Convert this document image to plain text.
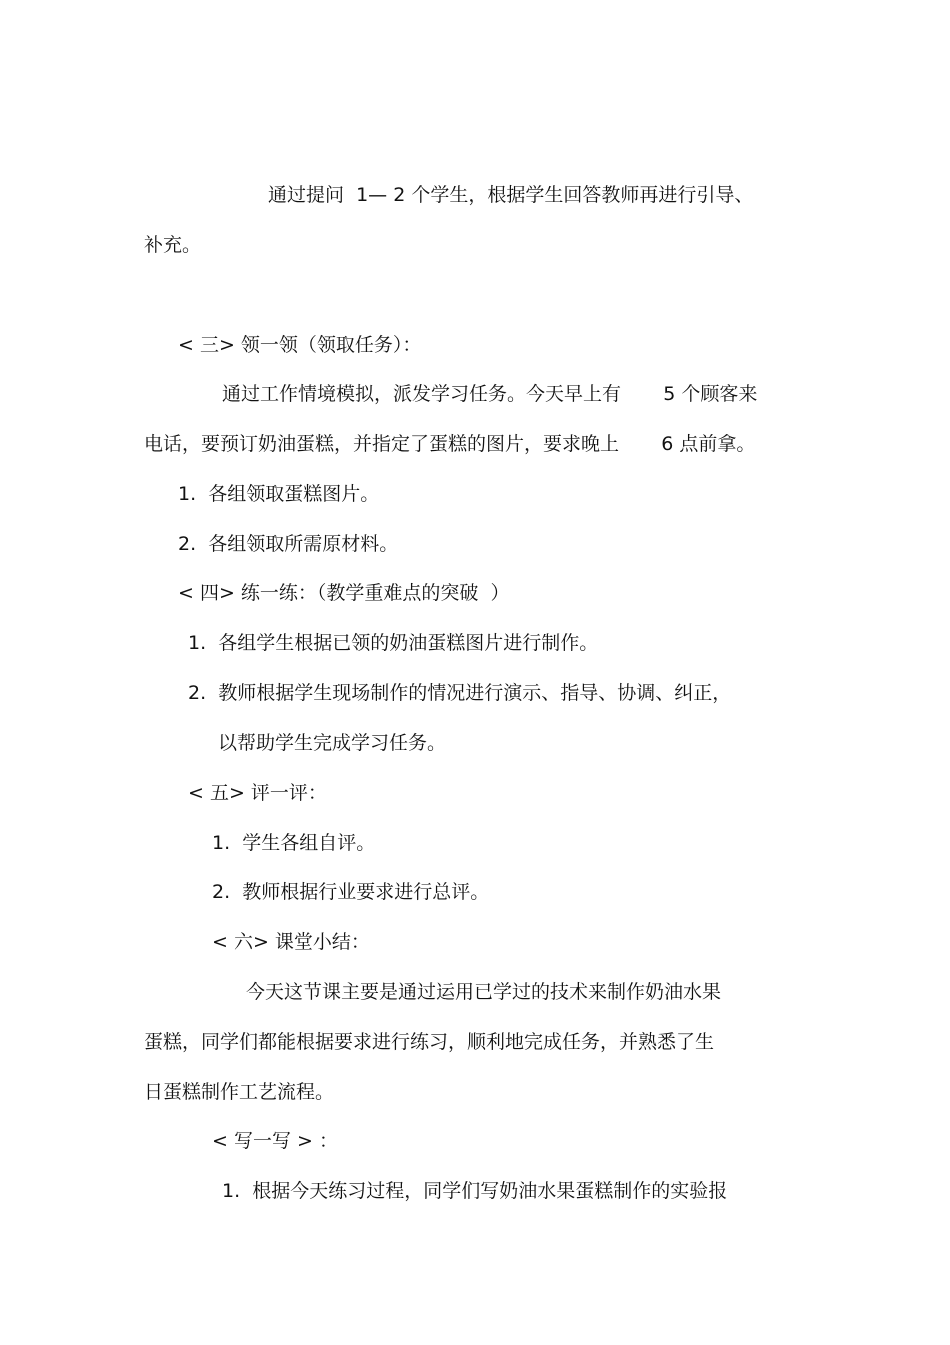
通过提问  1— 2 个学生，根据学生回答教师再进行引导、
补充。
< 三> 领一领（领取任务）：
通过工作情境模拟，派发学习任务。今天早上有       5 个顾客来
电话，要预订奶油蛋糕，并指定了蛋糕的图片，要求晚上       6 点前拿。
1.  各组领取蛋糕图片。
2.  各组领取所需原材料。
< 四> 练一练：（教学重难点的突破  ）
1.  各组学生根据已领的奶油蛋糕图片进行制作。
2.  教师根据学生现场制作的情况进行演示、指导、协调、纠正，
以帮助学生完成学习任务。
< 五> 评一评：
1.  学生各组自评。
2.  教师根据行业要求进行总评。
< 六> 课堂小结：
今天这节课主要是通过运用已学过的技术来制作奶油水果
蛋糕，同学们都能根据要求进行练习，顺利地完成任务，并熟悉了生
日蛋糕制作工艺流程。
< 写一写 > ：
1.  根据今天练习过程，同学们写奶油水果蛋糕制作的实验报
